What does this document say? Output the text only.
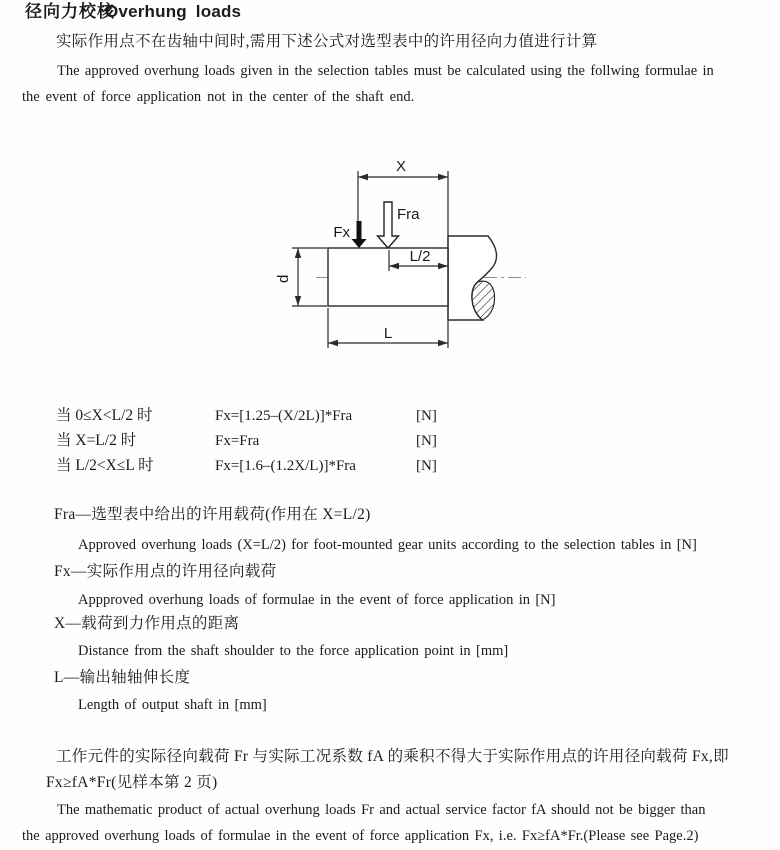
径向力校核
Overhung loads
实际作用点不在齿轴中间时,需用下述公式对选型表中的许用径向力值进行计算
The approved overhung loads given in the selection tables must be calculated using the follwing formulae in
the event of force application not in the center of the shaft end.
X
Fra
Fx
L/2
d
L
当 0≤X<L/2 时	Fx=[1.25–(X/2L)]*Fra	[N]
当 X=L/2 时	Fx=Fra	[N]
当 L/2<X≤L 时	Fx=[1.6–(1.2X/L)]*Fra	[N]
Fra—选型表中给出的许用载荷(作用在 X=L/2)
Approved overhung loads (X=L/2) for foot-mounted gear units according to the selection tables in [N]
Fx—实际作用点的许用径向载荷
Appproved overhung loads of formulae in the event of force application in [N]
X—载荷到力作用点的距离
Distance from the shaft shoulder to the force application point in [mm]
L—输出轴轴伸长度
Length of output shaft in [mm]
工作元件的实际径向载荷 Fr 与实际工况系数 fA 的乘积不得大于实际作用点的许用径向载荷 Fx,即
Fx≥fA*Fr(见样本第 2 页)
The mathematic product of actual overhung loads Fr and actual service factor fA should not be bigger than
the approved overhung loads of formulae in the event of force application Fx, i.e. Fx≥fA*Fr.(Please see Page.2)
